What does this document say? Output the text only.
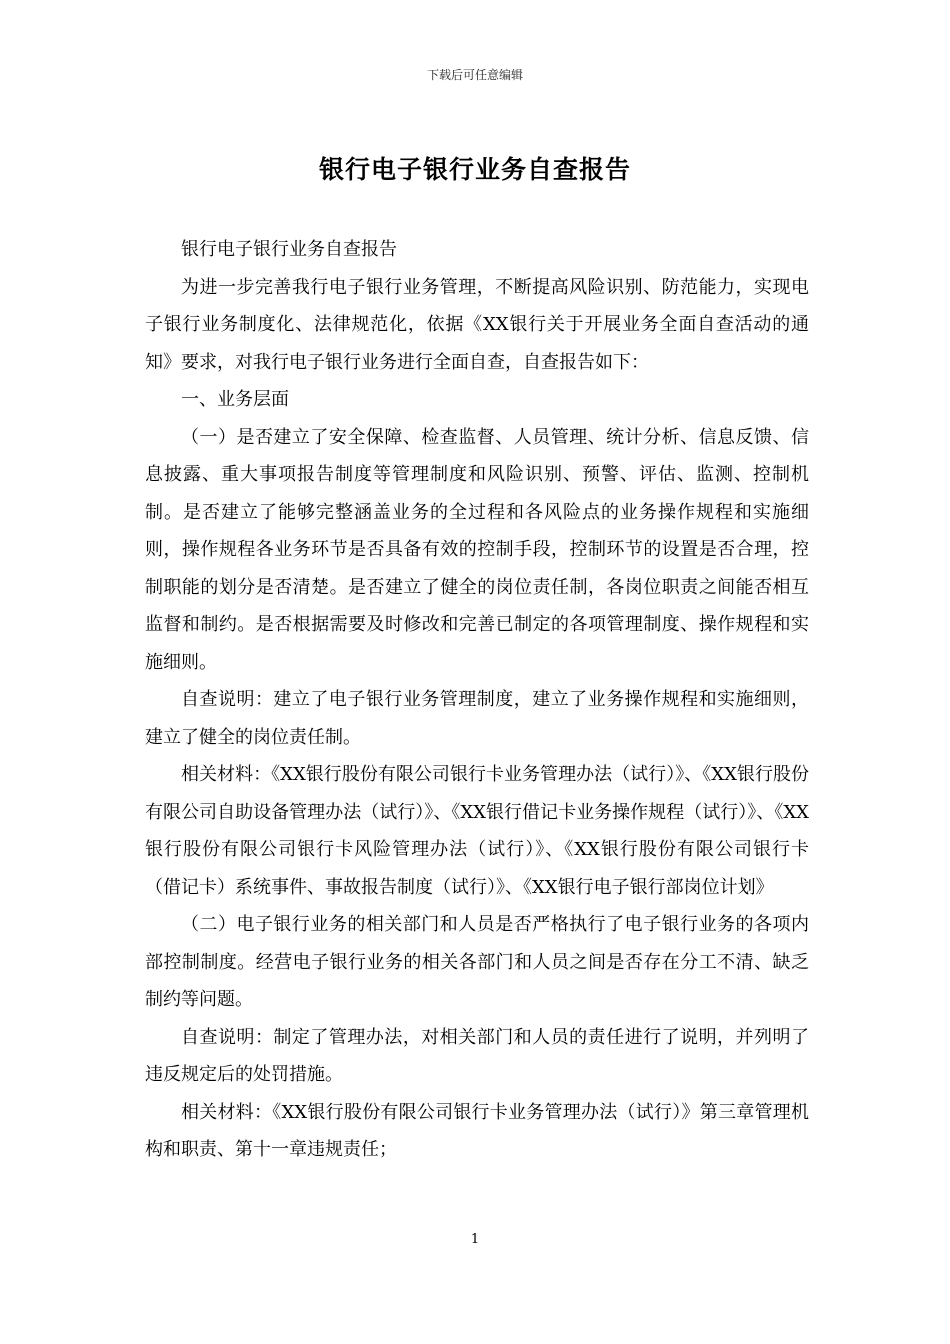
下载后可任意编辑
银行电子银行业务自查报告

银行电子银行业务自查报告

为进一步完善我行电子银行业务管理，不断提高风险识别、防范能力，实现电子银行业务制度化、法律规范化，依据《XX银行关于开展业务全面自查活动的通知》要求，对我行电子银行业务进行全面自查，自查报告如下：

一、业务层面

（一）是否建立了安全保障、检查监督、人员管理、统计分析、信息反馈、信息披露、重大事项报告制度等管理制度和风险识别、预警、评估、监测、控制机制。是否建立了能够完整涵盖业务的全过程和各风险点的业务操作规程和实施细则，操作规程各业务环节是否具备有效的控制手段，控制环节的设置是否合理，控制职能的划分是否清楚。是否建立了健全的岗位责任制，各岗位职责之间能否相互监督和制约。是否根据需要及时修改和完善已制定的各项管理制度、操作规程和实施细则。

自查说明：建立了电子银行业务管理制度，建立了业务操作规程和实施细则，建立了健全的岗位责任制。

相关材料：《XX银行股份有限公司银行卡业务管理办法（试行）》、《XX银行股份有限公司自助设备管理办法（试行）》、《XX银行借记卡业务操作规程（试行）》、《XX银行股份有限公司银行卡风险管理办法（试行）》、《XX银行股份有限公司银行卡（借记卡）系统事件、事故报告制度（试行）》、《XX银行电子银行部岗位计划》

（二）电子银行业务的相关部门和人员是否严格执行了电子银行业务的各项内部控制制度。经营电子银行业务的相关各部门和人员之间是否存在分工不清、缺乏制约等问题。

自查说明：制定了管理办法，对相关部门和人员的责任进行了说明，并列明了违反规定后的处罚措施。

相关材料：《XX银行股份有限公司银行卡业务管理办法（试行）》第三章管理机构和职责、第十一章违规责任；

1
